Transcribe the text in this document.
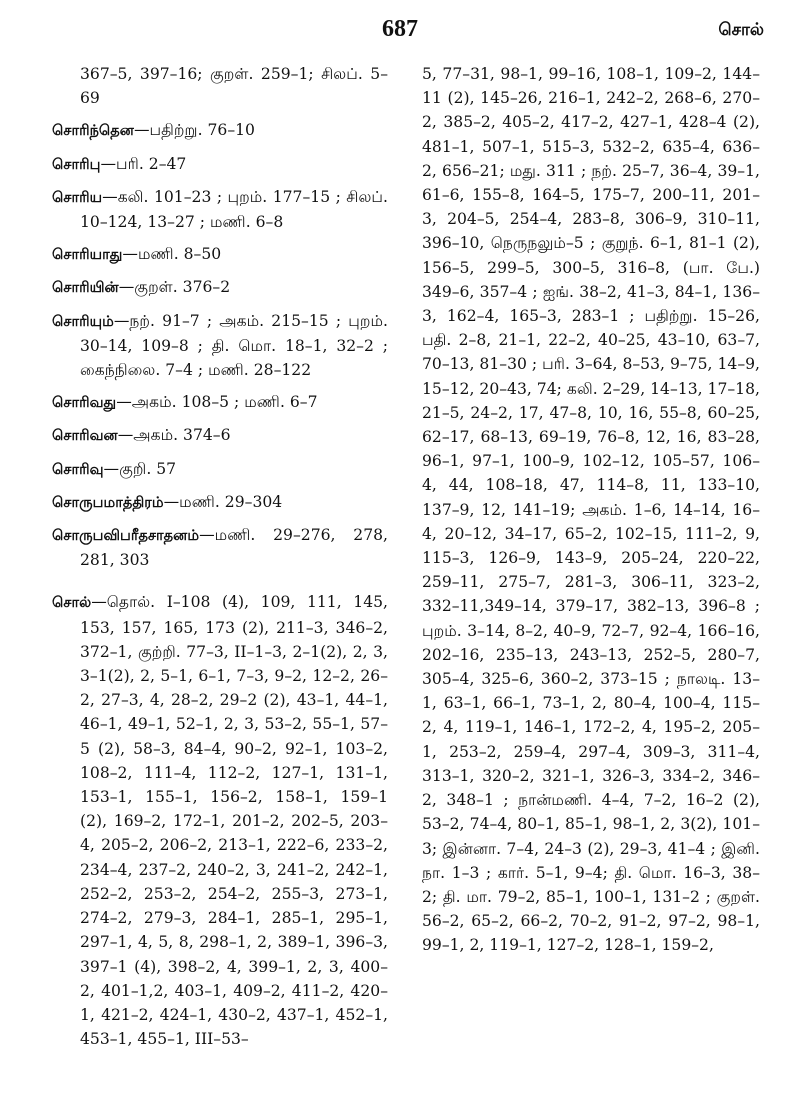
687	சொல்
367–5, 397–16; குறள். 259–1; சிலப். 5–69
சொரிந்தென—பதிற்று. 76–10
சொரிபு—பரி. 2–47
சொரிய—கலி. 101–23 ; புறம். 177–15 ; சிலப். 10–124, 13–27 ; மணி. 6–8
சொரியாது—மணி. 8–50
சொரியின்—குறள். 376–2
சொரியும்—நற். 91–7 ; அகம். 215–15 ; புறம். 30–14, 109–8 ; தி. மொ. 18–1, 32–2 ; கைந்நிலை. 7–4 ; மணி. 28–122
சொரிவது—அகம். 108–5 ; மணி. 6–7
சொரிவன—அகம். 374–6
சொரிவு—குறி. 57
சொருபமாத்திரம்—மணி. 29–304
சொருபவிபரீதசாதனம்—மணி. 29–276, 278, 281, 303
சொல்—தொல். I–108 (4), 109, 111, 145, 153, 157, 165, 173 (2), 211–3, 346–2, 372–1, குற்றி. 77–3, II–1–3, 2–1(2), 2, 3, 3–1(2), 2, 5–1, 6–1, 7–3, 9–2, 12–2, 26–2, 27–3, 4, 28–2, 29–2 (2), 43–1, 44–1, 46–1, 49–1, 52–1, 2, 3, 53–2, 55–1, 57–5 (2), 58–3, 84–4, 90–2, 92–1, 103–2, 108–2, 111–4, 112–2, 127–1, 131–1, 153–1, 155–1, 156–2, 158–1, 159–1 (2), 169–2, 172–1, 201–2, 202–5, 203–4, 205–2, 206–2, 213–1, 222–6, 233–2, 234–4, 237–2, 240–2, 3, 241–2, 242–1, 252–2, 253–2, 254–2, 255–3, 273–1, 274–2, 279–3, 284–1, 285–1, 295–1, 297–1, 4, 5, 8, 298–1, 2, 389–1, 396–3, 397–1 (4), 398–2, 4, 399–1, 2, 3, 400–2, 401–1,2, 403–1, 409–2, 411–2, 420–1, 421–2, 424–1, 430–2, 437–1, 452–1, 453–1, 455–1, III–53–
5, 77–31, 98–1, 99–16, 108–1, 109–2, 144–11 (2), 145–26, 216–1, 242–2, 268–6, 270–2, 385–2, 405–2, 417–2, 427–1, 428–4 (2), 481–1, 507–1, 515–3, 532–2, 635–4, 636–2, 656–21; மது. 311 ; நற். 25–7, 36–4, 39–1, 61–6, 155–8, 164–5, 175–7, 200–11, 201–3, 204–5, 254–4, 283–8, 306–9, 310–11, 396–10, நெருநலும்–5 ; குறுந். 6–1, 81–1 (2), 156–5, 299–5, 300–5, 316–8, (பா. பே.) 349–6, 357–4 ; ஐங். 38–2, 41–3, 84–1, 136–3, 162–4, 165–3, 283–1 ; பதிற்று. 15–26, பதி. 2–8, 21–1, 22–2, 40–25, 43–10, 63–7, 70–13, 81–30 ; பரி. 3–64, 8–53, 9–75, 14–9, 15–12, 20–43, 74; கலி. 2–29, 14–13, 17–18, 21–5, 24–2, 17, 47–8, 10, 16, 55–8, 60–25, 62–17, 68–13, 69–19, 76–8, 12, 16, 83–28, 96–1, 97–1, 100–9, 102–12, 105–57, 106–4, 44, 108–18, 47, 114–8, 11, 133–10, 137–9, 12, 141–19; அகம். 1–6, 14–14, 16–4, 20–12, 34–17, 65–2, 102–15, 111–2, 9, 115–3, 126–9, 143–9, 205–24, 220–22, 259–11, 275–7, 281–3, 306–11, 323–2, 332–11,349–14, 379–17, 382–13, 396–8 ; புறம். 3–14, 8–2, 40–9, 72–7, 92–4, 166–16, 202–16, 235–13, 243–13, 252–5, 280–7, 305–4, 325–6, 360–2, 373–15 ; நாலடி. 13–1, 63–1, 66–1, 73–1, 2, 80–4, 100–4, 115–2, 4, 119–1, 146–1, 172–2, 4, 195–2, 205–1, 253–2, 259–4, 297–4, 309–3, 311–4, 313–1, 320–2, 321–1, 326–3, 334–2, 346–2, 348–1 ; நான்மணி. 4–4, 7–2, 16–2 (2), 53–2, 74–4, 80–1, 85–1, 98–1, 2, 3(2), 101–3; இன்னா. 7–4, 24–3 (2), 29–3, 41–4 ; இனி. நா. 1–3 ; கார். 5–1, 9–4; தி. மொ. 16–3, 38–2; தி. மா. 79–2, 85–1, 100–1, 131–2 ; குறள். 56–2, 65–2, 66–2, 70–2, 91–2, 97–2, 98–1, 99–1, 2, 119–1, 127–2, 128–1, 159–2,
